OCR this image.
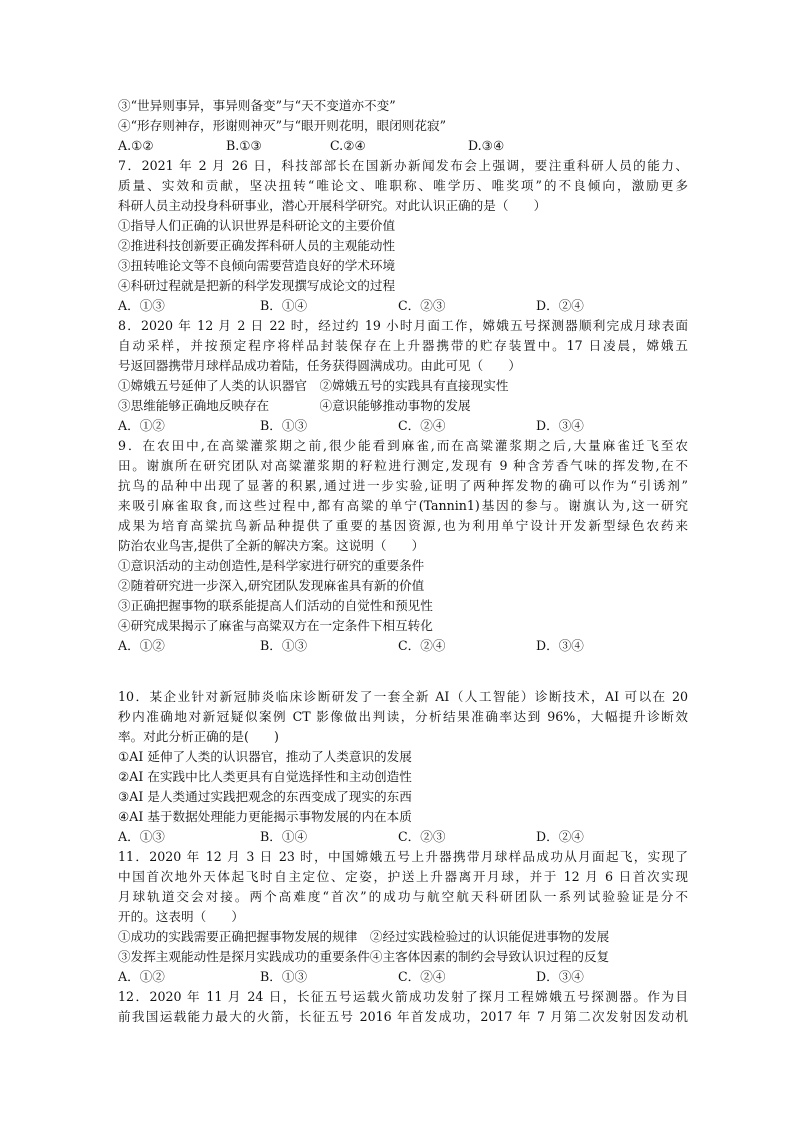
③“世异则事异，事异则备变”与“天不变道亦不变”
④“形存则神存，形谢则神灭”与“眼开则花明，眼闭则花寂”
A.①②	B.①③	C.②④	D.③④
7．2021 年 2 月 26 日，科技部部长在国新办新闻发布会上强调，要注重科研人员的能力、
质量、实效和贡献，坚决扭转“唯论文、唯职称、唯学历、唯奖项”的不良倾向，激励更多
科研人员主动投身科研事业，潜心开展科学研究。对此认识正确的是（　　）
①指导人们正确的认识世界是科研论文的主要价值
②推进科技创新要正确发挥科研人员的主观能动性
③扭转唯论文等不良倾向需要营造良好的学术环境
④科研过程就是把新的科学发现撰写成论文的过程
A．①③	B．①④	C．②③	D．②④
8．2020 年 12 月 2 日 22 时，经过约 19 小时月面工作，嫦娥五号探测器顺利完成月球表面
自动采样，并按预定程序将样品封装保存在上升器携带的贮存装置中。17 日凌晨，嫦娥五
号返回器携带月球样品成功着陆，任务获得圆满成功。由此可见（　　）
①嫦娥五号延伸了人类的认识器官　②嫦娥五号的实践具有直接现实性
③思维能够正确地反映存在　　　　④意识能够推动事物的发展
A．①②	B．①③	C．②④	D．③④
9．在农田中,在高粱灌浆期之前,很少能看到麻雀,而在高粱灌浆期之后,大量麻雀迁飞至农
田。谢旗所在研究团队对高粱灌浆期的籽粒进行测定,发现有 9 种含芳香气味的挥发物,在不
抗鸟的品种中出现了显著的积累,通过进一步实验,证明了两种挥发物的确可以作为“引诱剂”
来吸引麻雀取食,而这些过程中,都有高粱的单宁(Tannin1)基因的参与。谢旗认为,这一研究
成果为培育高粱抗鸟新品种提供了重要的基因资源,也为利用单宁设计开发新型绿色农药来
防治农业鸟害,提供了全新的解决方案。这说明（　　）
①意识活动的主动创造性,是科学家进行研究的重要条件
②随着研究进一步深入,研究团队发现麻雀具有新的价值
③正确把握事物的联系能提高人们活动的自觉性和预见性
④研究成果揭示了麻雀与高粱双方在一定条件下相互转化
A．①②	B．①③	C．②④	D．③④
10．某企业针对新冠肺炎临床诊断研发了一套全新 AI（人工智能）诊断技术，AI 可以在 20
秒内准确地对新冠疑似案例 CT 影像做出判读，分析结果准确率达到 96%，大幅提升诊断效
率。对此分析正确的是(　　)
①AI 延伸了人类的认识器官，推动了人类意识的发展
②AI 在实践中比人类更具有自觉选择性和主动创造性
③AI 是人类通过实践把观念的东西变成了现实的东西
④AI 基于数据处理能力更能揭示事物发展的内在本质
A．①③	B．①④	C．②③	D．②④
11．2020 年 12 月 3 日 23 时，中国嫦娥五号上升器携带月球样品成功从月面起飞，实现了
中国首次地外天体起飞时自主定位、定姿，护送上升器离开月球，并于 12 月 6 日首次实现
月球轨道交会对接。两个高难度“首次”的成功与航空航天科研团队一系列试验验证是分不
开的。这表明（　　）
①成功的实践需要正确把握事物发展的规律　②经过实践检验过的认识能促进事物的发展
③发挥主观能动性是探月实践成功的重要条件④主客体因素的制约会导致认识过程的反复
A．①②	B．①③	C．②④	D．③④
12．2020 年 11 月 24 日，长征五号运载火箭成功发射了探月工程嫦娥五号探测器。作为目
前我国运载能力最大的火箭，长征五号 2016 年首发成功，2017 年 7 月第二次发射因发动机
